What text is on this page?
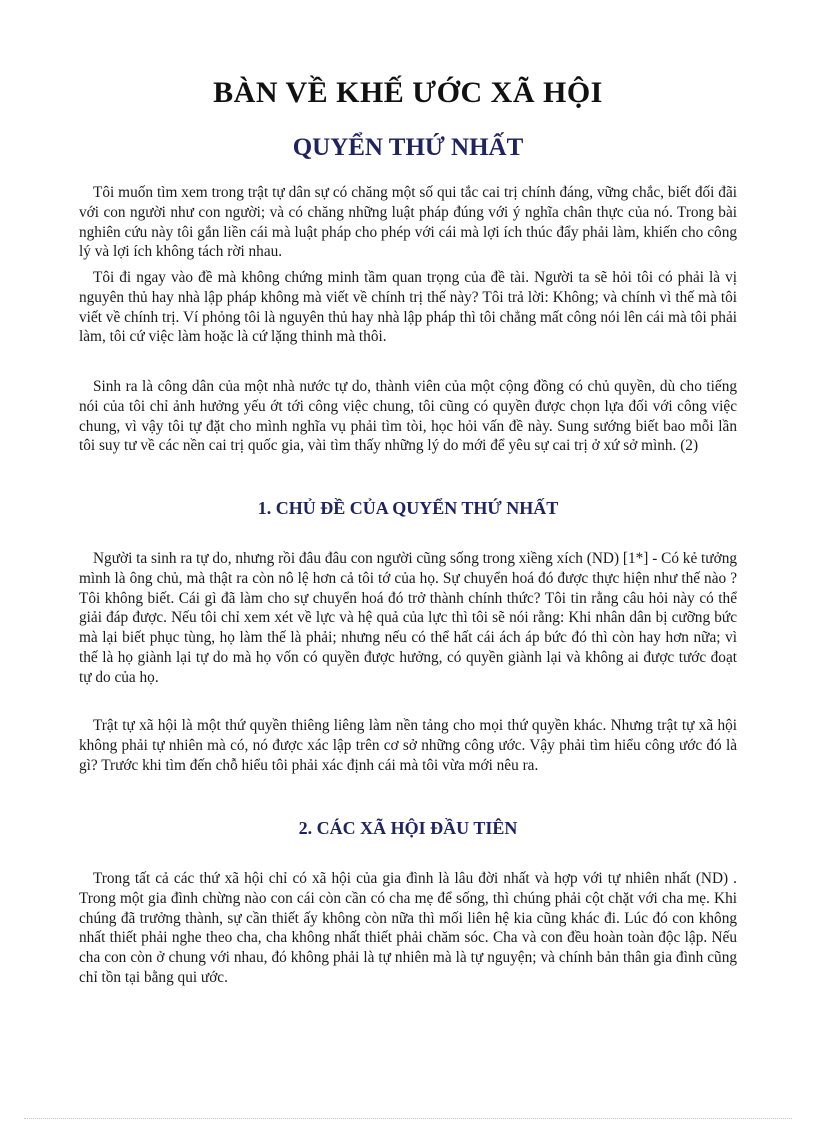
BÀN VỀ KHẾ ƯỚC XÃ HỘI
QUYỂN THỨ NHẤT

Tôi muốn tìm xem trong trật tự dân sự có chăng một số qui tắc cai trị chính đáng, vững chắc, biết đối đãi với con người như con người; và có chăng những luật pháp đúng với ý nghĩa chân thực của nó. Trong bài nghiên cứu này tôi gắn liền cái mà luật pháp cho phép với cái mà lợi ích thúc đẩy phải làm, khiến cho công lý và lợi ích không tách rời nhau.

Tôi đi ngay vào đề mà không chứng minh tầm quan trọng của đề tài. Người ta sẽ hỏi tôi có phải là vị nguyên thủ hay nhà lập pháp không mà viết về chính trị thế này? Tôi trả lời: Không; và chính vì thế mà tôi viết về chính trị. Ví phỏng tôi là nguyên thủ hay nhà lập pháp thì tôi chẳng mất công nói lên cái mà tôi phải làm, tôi cứ việc làm hoặc là cứ lặng thinh mà thôi.

Sinh ra là công dân của một nhà nước tự do, thành viên của một cộng đồng có chủ quyền, dù cho tiếng nói của tôi chỉ ảnh hưởng yếu ớt tới công việc chung, tôi cũng có quyền được chọn lựa đối với công việc chung, vì vậy tôi tự đặt cho mình nghĩa vụ phải tìm tòi, học hỏi vấn đề này. Sung sướng biết bao mỗi lần tôi suy tư về các nền cai trị quốc gia, vài tìm thấy những lý do mới để yêu sự cai trị ở xứ sở mình. (2)

1. CHỦ ĐỀ CỦA QUYỂN THỨ NHẤT

Người ta sinh ra tự do, nhưng rồi đâu đâu con người cũng sống trong xiềng xích (ND) [1*] - Có kẻ tưởng mình là ông chủ, mà thật ra còn nô lệ hơn cả tôi tớ của họ. Sự chuyển hoá đó được thực hiện như thế nào ? Tôi không biết. Cái gì đã làm cho sự chuyển hoá đó trở thành chính thức? Tôi tin rằng câu hỏi này có thể giải đáp được. Nếu tôi chỉ xem xét về lực và hệ quả của lực thì tôi sẽ nói rằng: Khi nhân dân bị cưỡng bức mà lại biết phục tùng, họ làm thế là phải; nhưng nếu có thể hất cái ách áp bức đó thì còn hay hơn nữa; vì thế là họ giành lại tự do mà họ vốn có quyền được hưởng, có quyền giành lại và không ai được tước đoạt tự do của họ.

Trật tự xã hội là một thứ quyền thiêng liêng làm nền tảng cho mọi thứ quyền khác. Nhưng trật tự xã hội không phải tự nhiên mà có, nó được xác lập trên cơ sở những công ước. Vậy phải tìm hiểu công ước đó là gì? Trước khi tìm đến chỗ hiểu tôi phải xác định cái mà tôi vừa mới nêu ra.

2. CÁC XÃ HỘI ĐẦU TIÊN

Trong tất cả các thứ xã hội chỉ có xã hội của gia đình là lâu đời nhất và hợp với tự nhiên nhất (ND) . Trong một gia đình chừng nào con cái còn cần có cha mẹ để sống, thì chúng phải cột chặt với cha mẹ. Khi chúng đã trưởng thành, sự cần thiết ấy không còn nữa thì mối liên hệ kia cũng khác đi. Lúc đó con không nhất thiết phải nghe theo cha, cha không nhất thiết phải chăm sóc. Cha và con đều hoàn toàn độc lập. Nếu cha con còn ở chung với nhau, đó không phải là tự nhiên mà là tự nguyện; và chính bản thân gia đình cũng chỉ tồn tại bằng qui ước.
